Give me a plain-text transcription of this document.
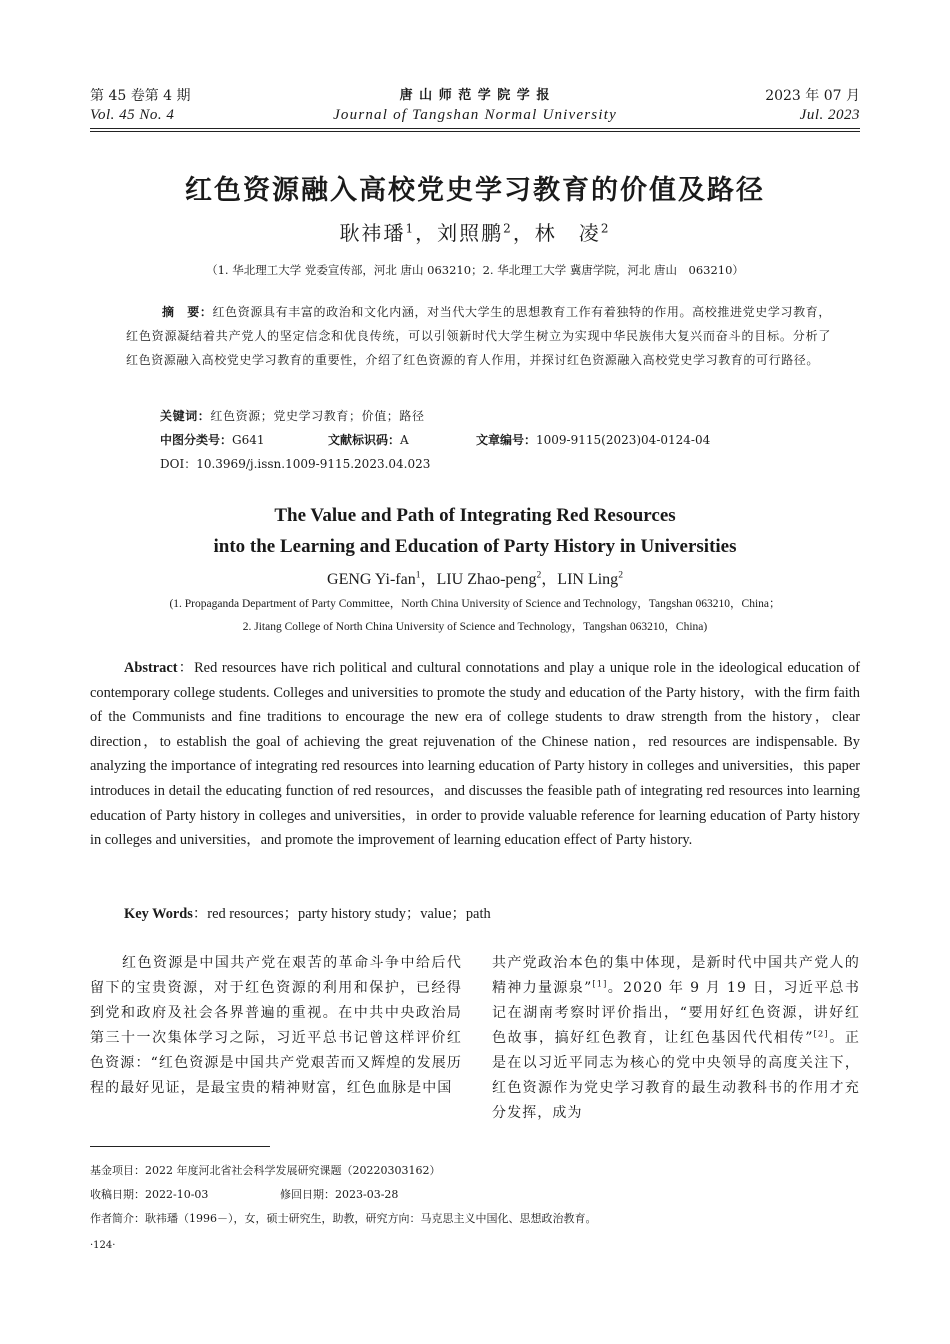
第 45 卷第 4 期
Vol. 45 No. 4
唐 山 师 范 学 院 学 报
Journal of Tangshan Normal University
2023 年 07 月
Jul. 2023
红色资源融入高校党史学习教育的价值及路径
耿祎璠$^1$，刘照鹏$^2$，林　凌$^2$
（1. 华北理工大学 党委宣传部，河北 唐山 063210；2. 华北理工大学 冀唐学院，河北 唐山　063210）
摘　要：红色资源具有丰富的政治和文化内涵，对当代大学生的思想教育工作有着独特的作用。高校推进党史学习教育，红色资源凝结着共产党人的坚定信念和优良传统，可以引领新时代大学生树立为实现中华民族伟大复兴而奋斗的目标。分析了红色资源融入高校党史学习教育的重要性，介绍了红色资源的育人作用，并探讨红色资源融入高校党史学习教育的可行路径。
关键词：红色资源；党史学习教育；价值；路径
中图分类号：G641	文献标识码：A	文章编号：1009-9115(2023)04-0124-04
DOI：10.3969/j.issn.1009-9115.2023.04.023
The Value and Path of Integrating Red Resources
into the Learning and Education of Party History in Universities
GENG Yi-fan$^1$，LIU Zhao-peng$^2$，LIN Ling$^2$
(1. Propaganda Department of Party Committee，North China University of Science and Technology，Tangshan 063210，China；
2. Jitang College of North China University of Science and Technology，Tangshan 063210，China)
Abstract：Red resources have rich political and cultural connotations and play a unique role in the ideological education of contemporary college students. Colleges and universities to promote the study and education of the Party history，with the firm faith of the Communists and fine traditions to encourage the new era of college students to draw strength from the history，clear direction，to establish the goal of achieving the great rejuvenation of the Chinese nation，red resources are indispensable. By analyzing the importance of integrating red resources into learning education of Party history in colleges and universities，this paper introduces in detail the educating function of red resources，and discusses the feasible path of integrating red resources into learning education of Party history in colleges and universities，in order to provide valuable reference for learning education of Party history in colleges and universities，and promote the improvement of learning education effect of Party history.
Key Words：red resources；party history study；value；path
红色资源是中国共产党在艰苦的革命斗争中给后代留下的宝贵资源，对于红色资源的利用和保护，已经得到党和政府及社会各界普遍的重视。在中共中央政治局第三十一次集体学习之际，习近平总书记曾这样评价红色资源：“红色资源是中国共产党艰苦而又辉煌的发展历程的最好见证，是最宝贵的精神财富，红色血脉是中国
共产党政治本色的集中体现，是新时代中国共产党人的精神力量源泉”[1]。2020 年 9 月 19 日，习近平总书记在湖南考察时评价指出，“要用好红色资源，讲好红色故事，搞好红色教育，让红色基因代代相传”[2]。正是在以习近平同志为核心的党中央领导的高度关注下，红色资源作为党史学习教育的最生动教科书的作用才充分发挥，成为
基金项目：2022 年度河北省社会科学发展研究课题（20220303162）
收稿日期：2022-10-03	修回日期：2023-03-28
作者简介：耿祎璠（1996－），女，硕士研究生，助教，研究方向：马克思主义中国化、思想政治教育。
·124·
